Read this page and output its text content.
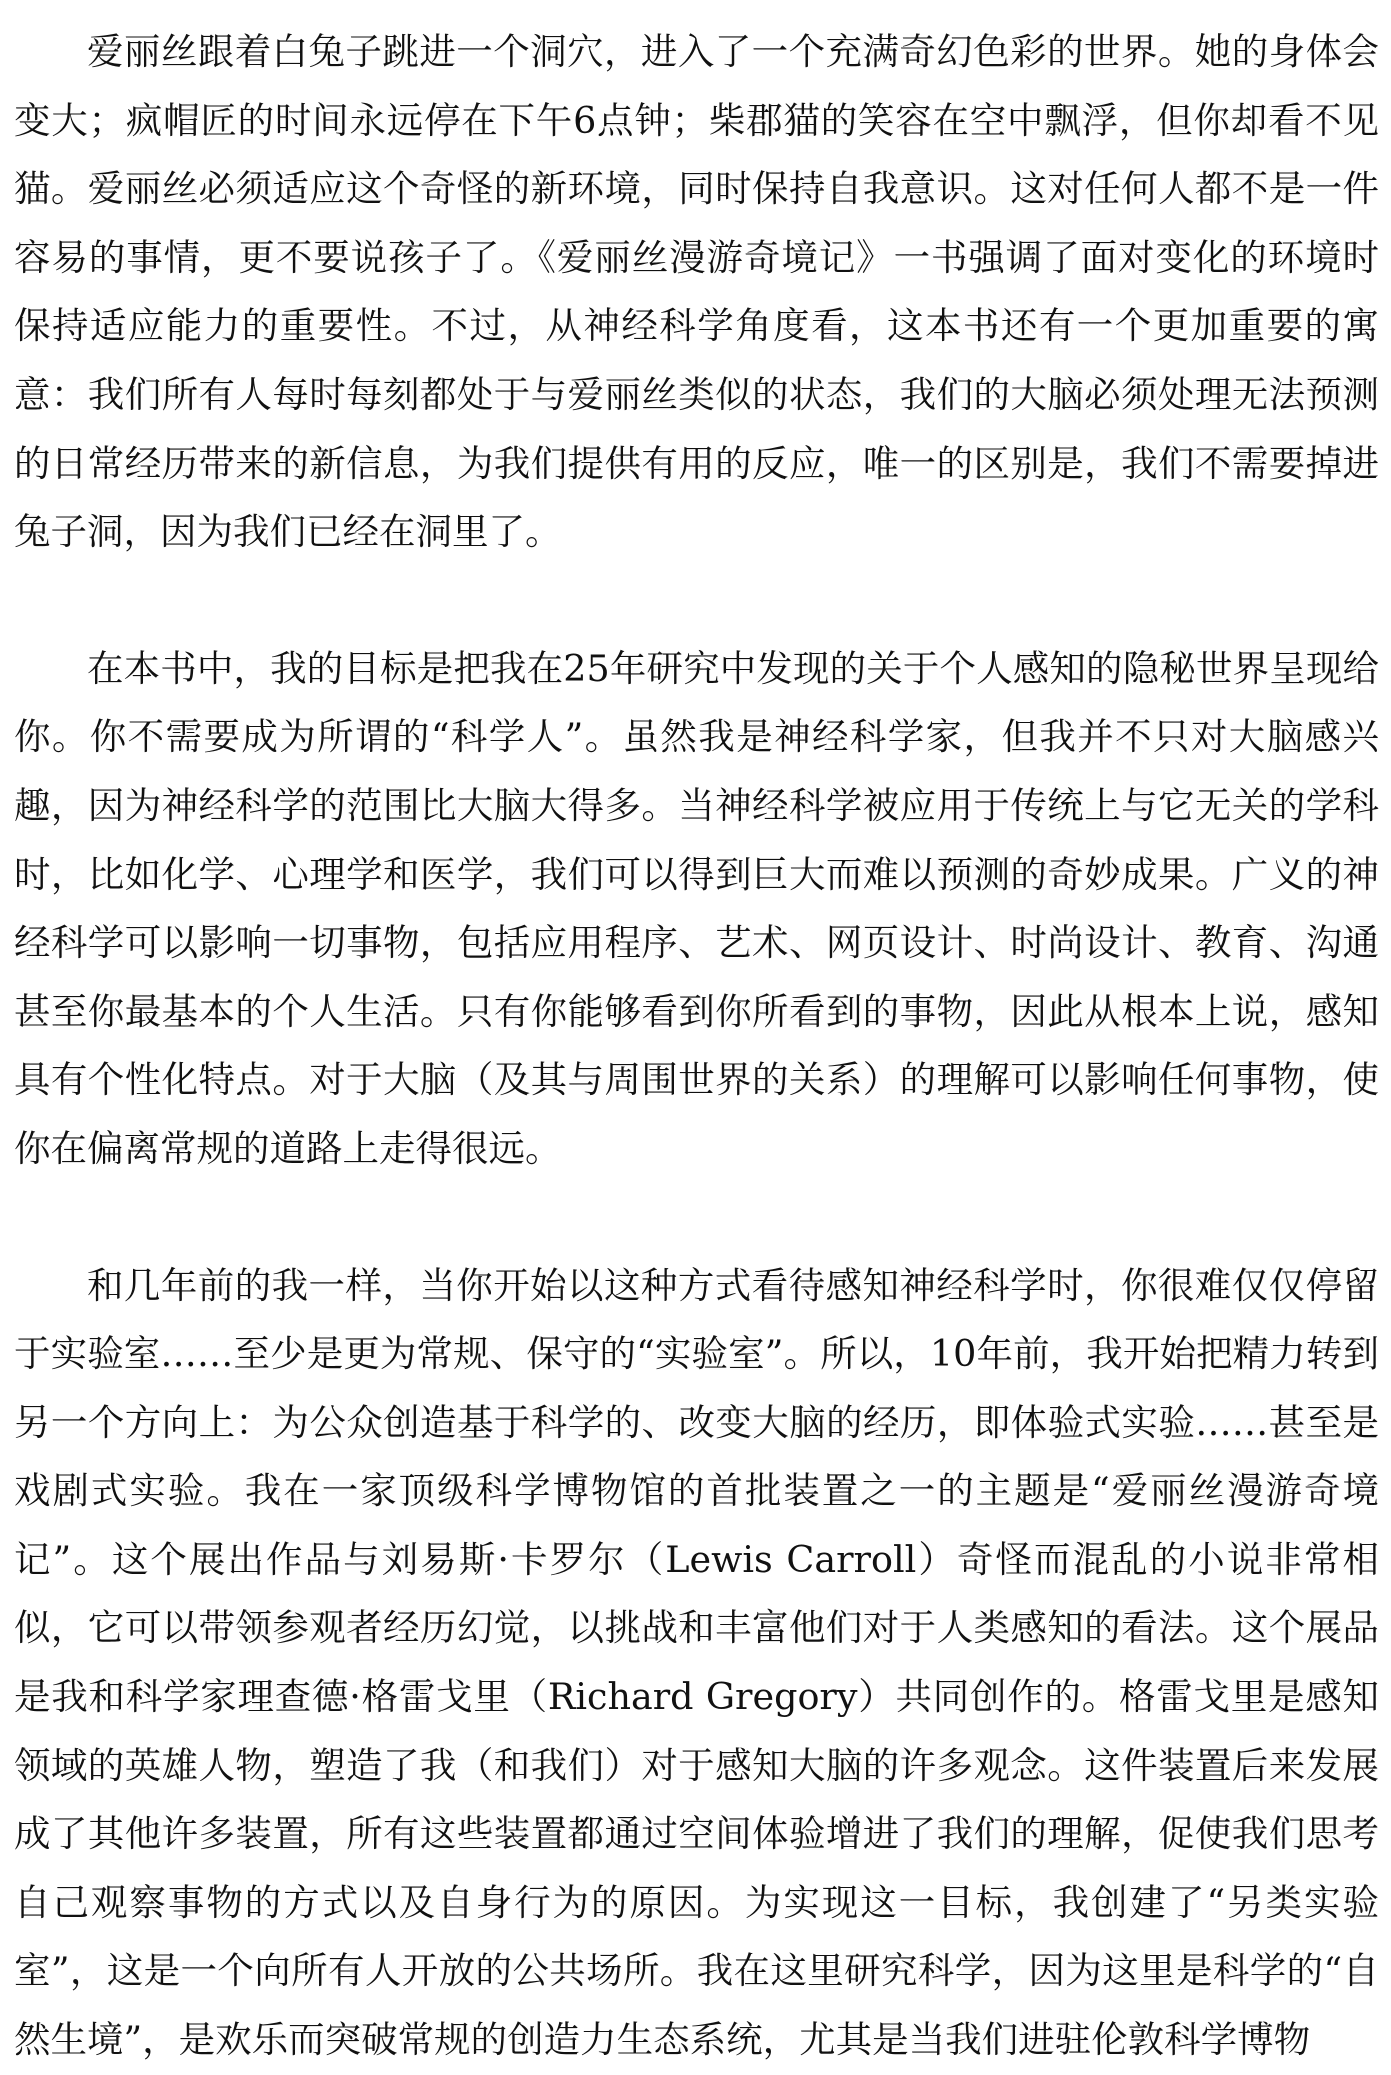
爱丽丝跟着白兔子跳进一个洞穴，进入了一个充满奇幻色彩的世界。她的身体会变大；疯帽匠的时间永远停在下午6点钟；柴郡猫的笑容在空中飘浮，但你却看不见猫。爱丽丝必须适应这个奇怪的新环境，同时保持自我意识。这对任何人都不是一件容易的事情，更不要说孩子了。《爱丽丝漫游奇境记》一书强调了面对变化的环境时保持适应能力的重要性。不过，从神经科学角度看，这本书还有一个更加重要的寓意：我们所有人每时每刻都处于与爱丽丝类似的状态，我们的大脑必须处理无法预测的日常经历带来的新信息，为我们提供有用的反应，唯一的区别是，我们不需要掉进兔子洞，因为我们已经在洞里了。

在本书中，我的目标是把我在25年研究中发现的关于个人感知的隐秘世界呈现给你。你不需要成为所谓的“科学人”。虽然我是神经科学家，但我并不只对大脑感兴趣，因为神经科学的范围比大脑大得多。当神经科学被应用于传统上与它无关的学科时，比如化学、心理学和医学，我们可以得到巨大而难以预测的奇妙成果。广义的神经科学可以影响一切事物，包括应用程序、艺术、网页设计、时尚设计、教育、沟通甚至你最基本的个人生活。只有你能够看到你所看到的事物，因此从根本上说，感知具有个性化特点。对于大脑（及其与周围世界的关系）的理解可以影响任何事物，使你在偏离常规的道路上走得很远。

和几年前的我一样，当你开始以这种方式看待感知神经科学时，你很难仅仅停留于实验室……至少是更为常规、保守的“实验室”。所以，10年前，我开始把精力转到另一个方向上：为公众创造基于科学的、改变大脑的经历，即体验式实验……甚至是戏剧式实验。我在一家顶级科学博物馆的首批装置之一的主题是“爱丽丝漫游奇境记”。这个展出作品与刘易斯·卡罗尔（Lewis Carroll）奇怪而混乱的小说非常相似，它可以带领参观者经历幻觉，以挑战和丰富他们对于人类感知的看法。这个展品是我和科学家理查德·格雷戈里（Richard Gregory）共同创作的。格雷戈里是感知领域的英雄人物，塑造了我（和我们）对于感知大脑的许多观念。这件装置后来发展成了其他许多装置，所有这些装置都通过空间体验增进了我们的理解，促使我们思考自己观察事物的方式以及自身行为的原因。为实现这一目标，我创建了“另类实验室”，这是一个向所有人开放的公共场所。我在这里研究科学，因为这里是科学的“自然生境”，是欢乐而突破常规的创造力生态系统，尤其是当我们进驻伦敦科学博物
